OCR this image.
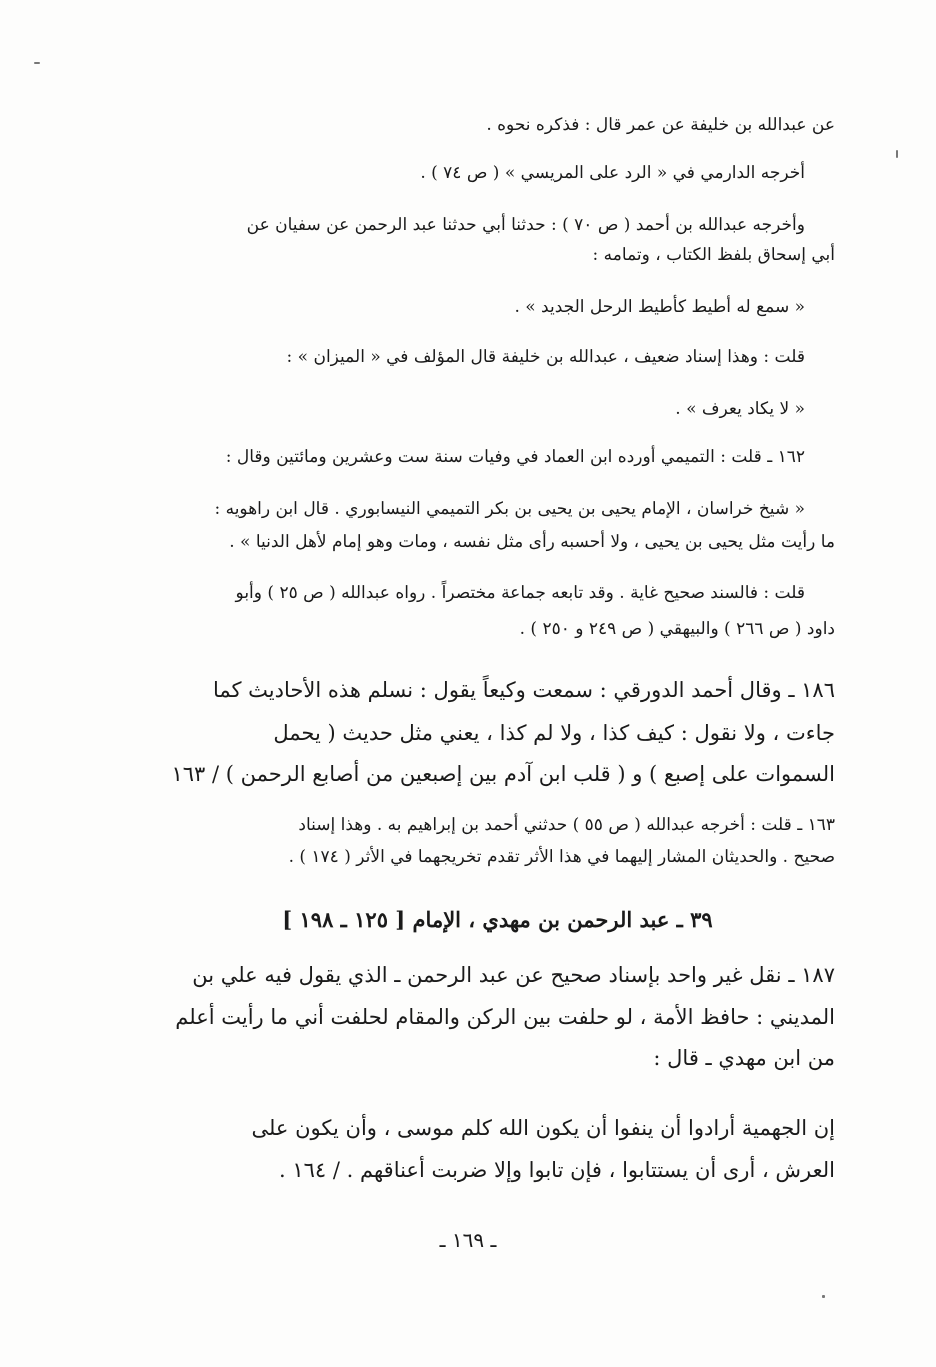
عن عبدالله بن خليفة عن عمر قال : فذكره نحوه .
أخرجه الدارمي في « الرد على المريسي » ( ص ٧٤ ) .
وأخرجه عبدالله بن أحمد ( ص ٧٠ ) : حدثنا أبي حدثنا عبد الرحمن عن سفيان عن
أبي إسحاق بلفظ الكتاب ، وتمامه :
« سمع له أطيط كأطيط الرحل الجديد » .
قلت : وهذا إسناد ضعيف ، عبدالله بن خليفة قال المؤلف في « الميزان » :
« لا يكاد يعرف » .
١٦٢ ـ قلت : التميمي أورده ابن العماد في وفيات سنة ست وعشرين ومائتين وقال :
« شيخ خراسان ، الإمام يحيى بن يحيى بن بكر التميمي النيسابوري . قال ابن راهويه :
ما رأيت مثل يحيى بن يحيى ، ولا أحسبه رأى مثل نفسه ، ومات وهو إمام لأهل الدنيا » .
قلت : فالسند صحيح غاية . وقد تابعه جماعة مختصراً . رواه عبدالله ( ص ٢٥ ) وأبو
داود ( ص ٢٦٦ ) والبيهقي ( ص ٢٤٩ و ٢٥٠ ) .
١٨٦ ـ وقال أحمد الدورقي : سمعت وكيعاً يقول : نسلم هذه الأحاديث كما
جاءت ، ولا نقول : كيف كذا ، ولا لم كذا ، يعني مثل حديث ( يحمل
السموات على إصبع ) و ( قلب ابن آدم بين إصبعين من أصابع الرحمن ) / ١٦٣
١٦٣ ـ قلت : أخرجه عبدالله ( ص ٥٥ ) حدثني أحمد بن إبراهيم به . وهذا إسناد
صحيح . والحديثان المشار إليهما في هذا الأثر تقدم تخريجهما في الأثر ( ١٧٤ ) .
٣٩ ـ عبد الرحمن بن مهدي ، الإمام [ ١٢٥ ـ ١٩٨ ]
١٨٧ ـ نقل غير واحد بإسناد صحيح عن عبد الرحمن ـ الذي يقول فيه علي بن
المديني : حافظ الأمة ، لو حلفت بين الركن والمقام لحلفت أني ما رأيت أعلم
من ابن مهدي ـ قال :
إن الجهمية أرادوا أن ينفوا أن يكون الله كلم موسى ، وأن يكون على
العرش ، أرى أن يستتابوا ، فإن تابوا وإلا ضربت أعناقهم . / ١٦٤ .
ـ ١٦٩ ـ
